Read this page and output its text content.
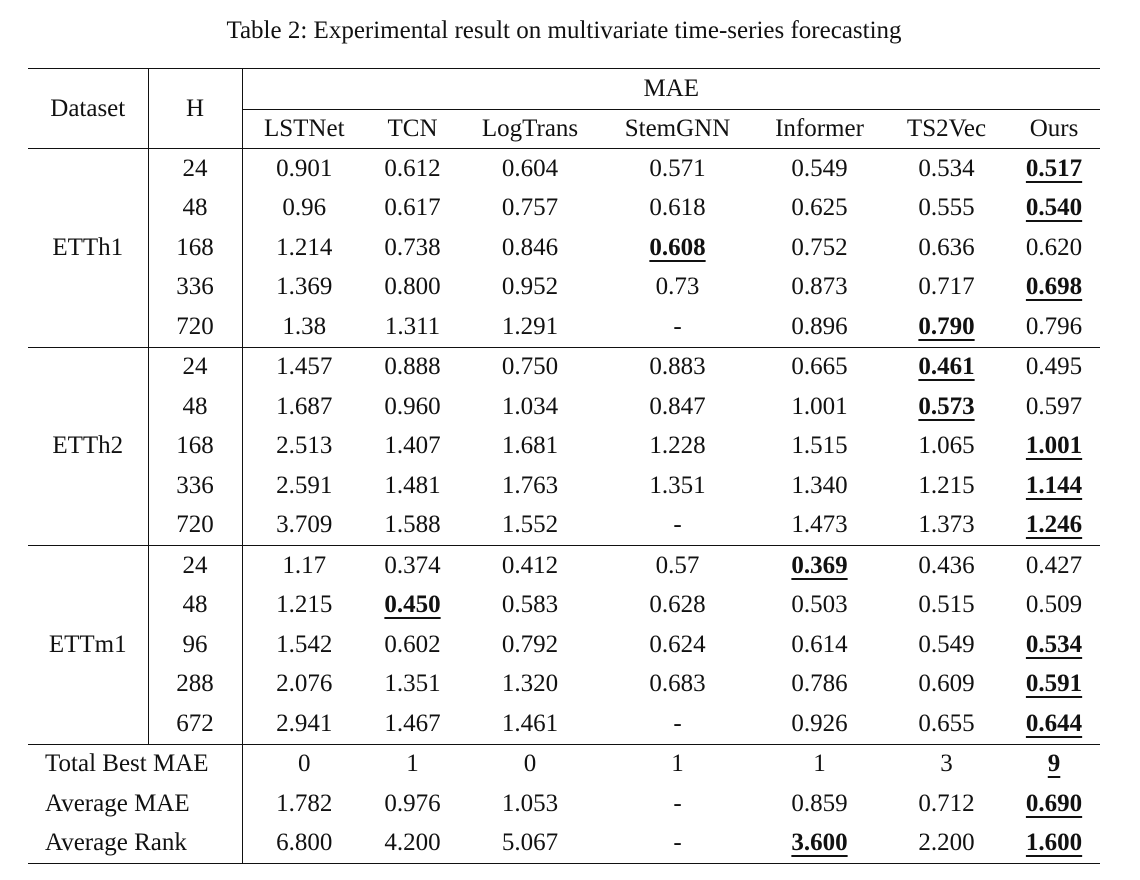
Table 2: Experimental result on multivariate time-series forecasting
Dataset	H	MAE						
		LSTNet	TCN	LogTrans	StemGNN	Informer	TS2Vec	Ours
ETTh1	24	0.901	0.612	0.604	0.571	0.549	0.534	0.517
	48	0.96	0.617	0.757	0.618	0.625	0.555	0.540
	168	1.214	0.738	0.846	0.608	0.752	0.636	0.620
	336	1.369	0.800	0.952	0.73	0.873	0.717	0.698
	720	1.38	1.311	1.291	-	0.896	0.790	0.796
ETTh2	24	1.457	0.888	0.750	0.883	0.665	0.461	0.495
	48	1.687	0.960	1.034	0.847	1.001	0.573	0.597
	168	2.513	1.407	1.681	1.228	1.515	1.065	1.001
	336	2.591	1.481	1.763	1.351	1.340	1.215	1.144
	720	3.709	1.588	1.552	-	1.473	1.373	1.246
ETTm1	24	1.17	0.374	0.412	0.57	0.369	0.436	0.427
	48	1.215	0.450	0.583	0.628	0.503	0.515	0.509
	96	1.542	0.602	0.792	0.624	0.614	0.549	0.534
	288	2.076	1.351	1.320	0.683	0.786	0.609	0.591
	672	2.941	1.467	1.461	-	0.926	0.655	0.644
Total Best MAE		0	1	0	1	1	3	9
Average MAE		1.782	0.976	1.053	-	0.859	0.712	0.690
Average Rank		6.800	4.200	5.067	-	3.600	2.200	1.600
